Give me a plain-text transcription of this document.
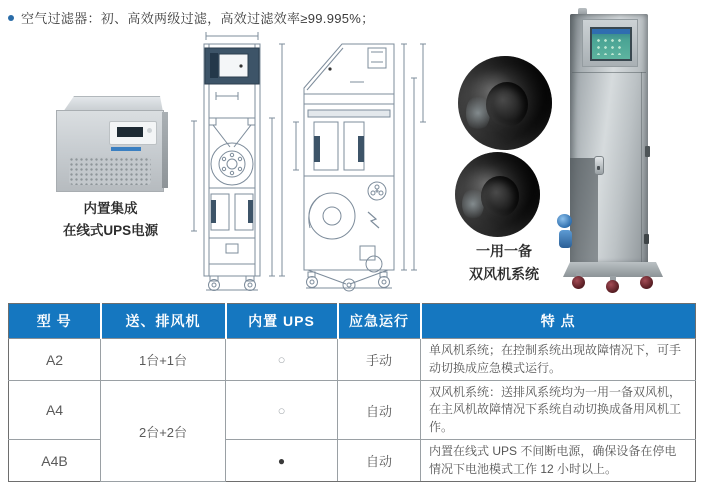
空气过滤器：初、高效两级过滤，高效过滤效率≥99.995%；
内置集成
在线式UPS电源
一用一备
双风机系统
型 号	送、排风机	内置 UPS	应急运行	特 点
A2	1台+1台	○	手动	单风机系统；在控制系统出现故障情况下，可手动切换成应急模式运行。
A4	2台+2台	○	自动	双风机系统：送排风系统均为一用一备双风机，在主风机故障情况下系统自动切换成备用风机工作。
A4B		●	自动	内置在线式 UPS 不间断电源，确保设备在停电情况下电池模式工作 12 小时以上。
